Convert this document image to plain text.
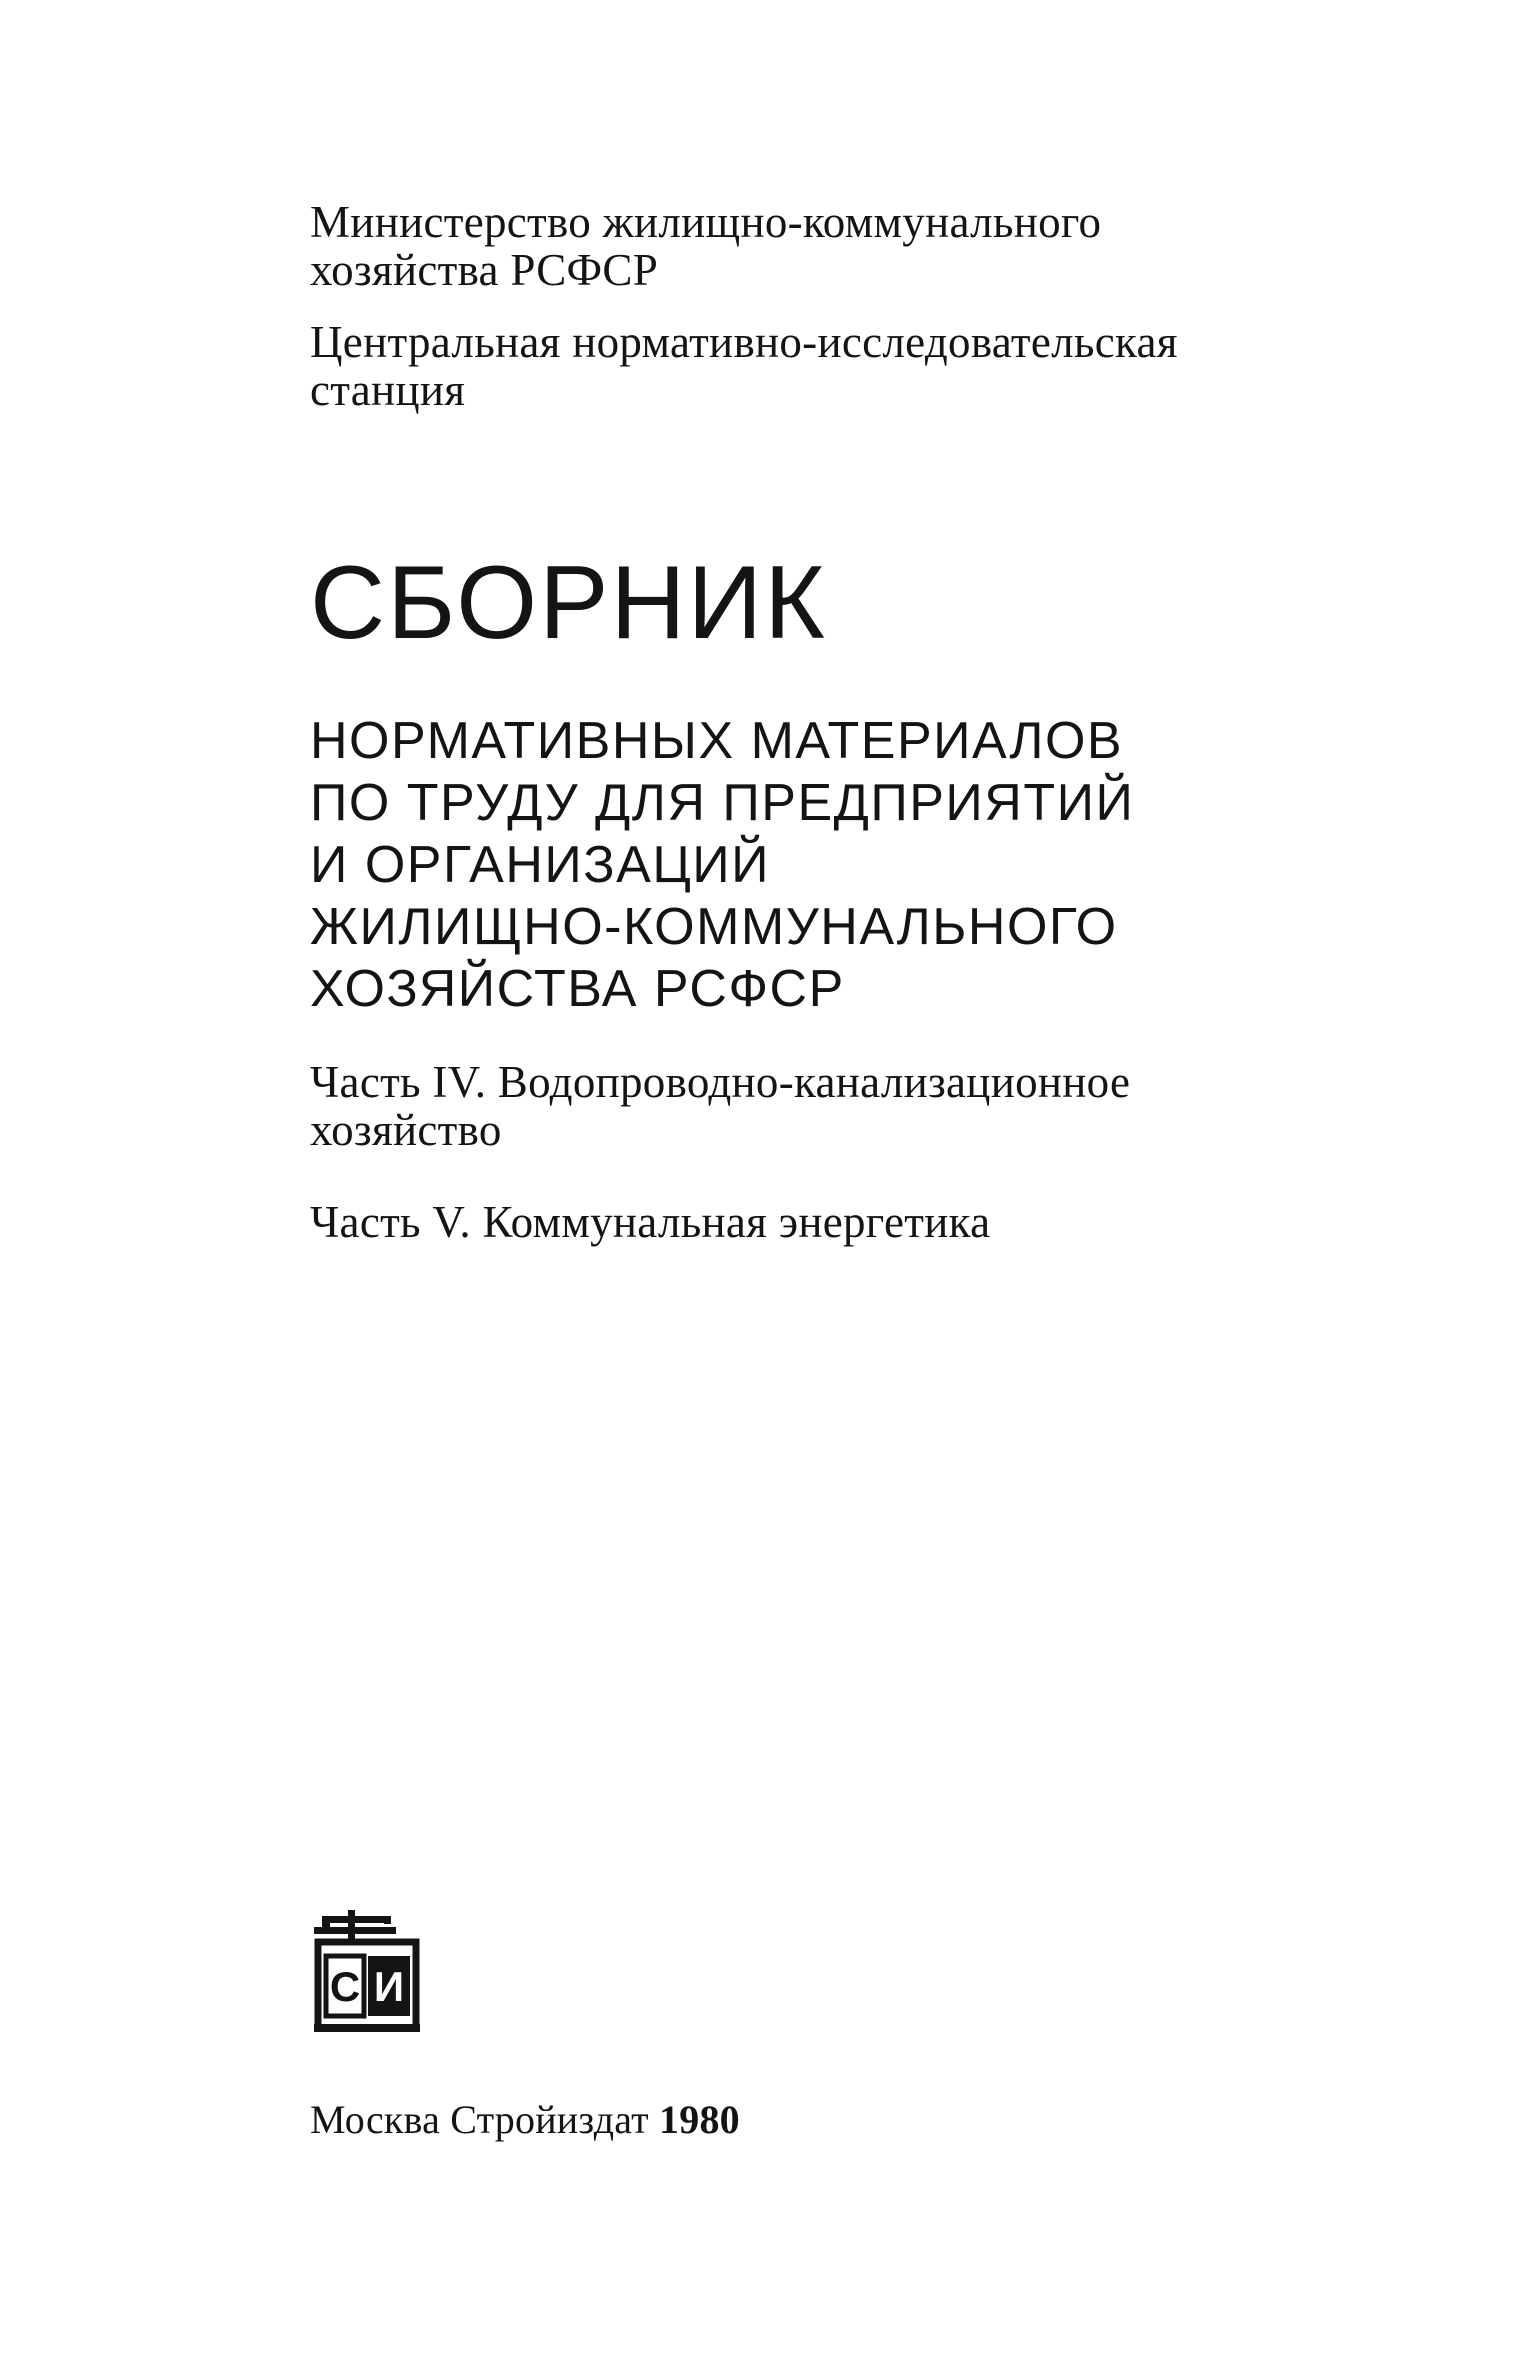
Министерство жилищно-коммунального
хозяйства РСФСР
Центральная нормативно-исследовательская
станция
СБОРНИК
НОРМАТИВНЫХ МАТЕРИАЛОВ
ПО ТРУДУ ДЛЯ ПРЕДПРИЯТИЙ
И ОРГАНИЗАЦИЙ
ЖИЛИЩНО-КОММУНАЛЬНОГО
ХОЗЯЙСТВА РСФСР
Часть IV. Водопроводно-канализационное
хозяйство
Часть V. Коммунальная энергетика
С И
Москва Стройиздат 1980
